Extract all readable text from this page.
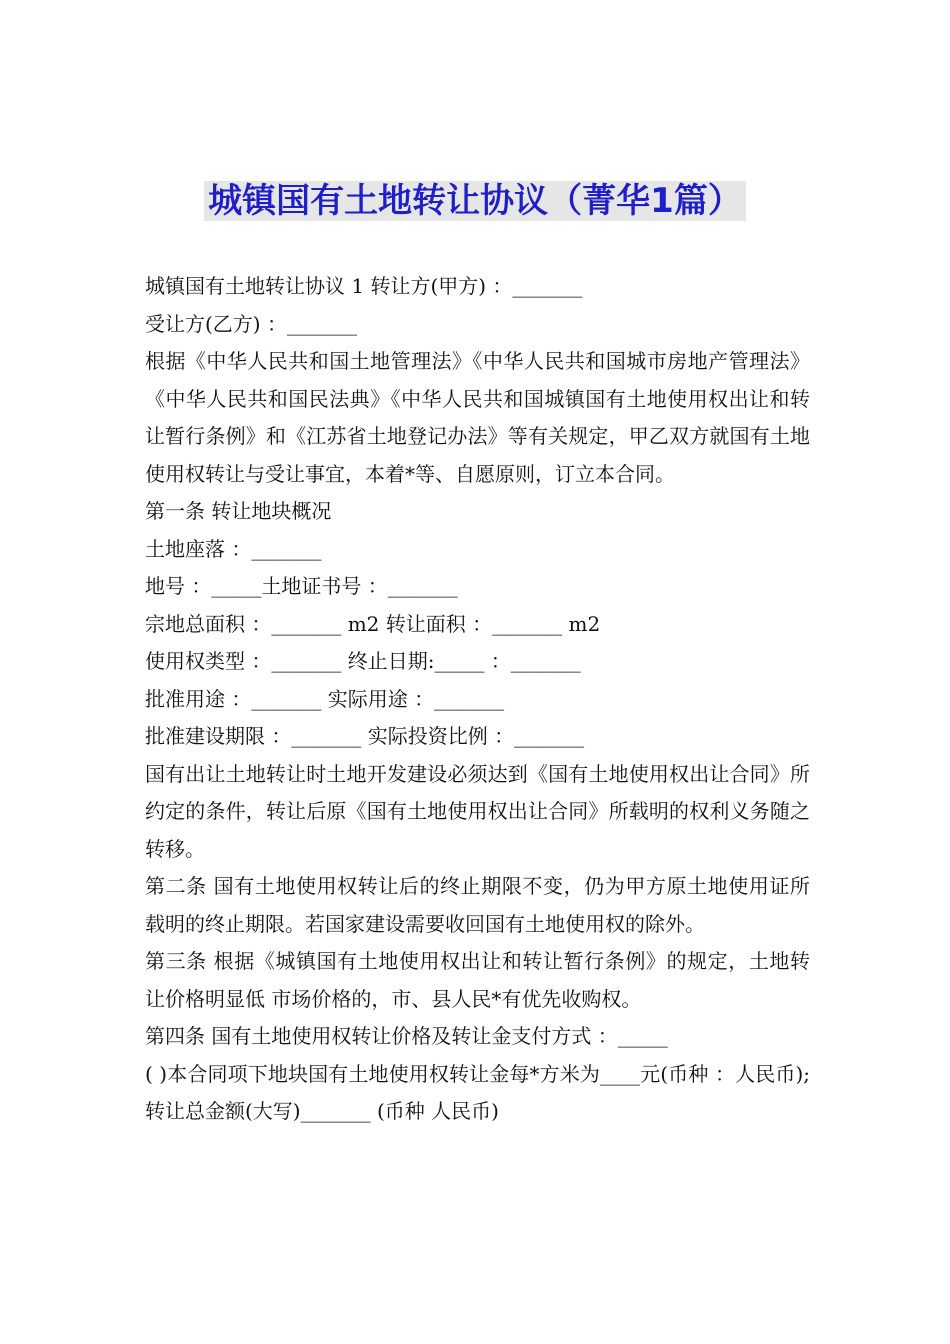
城镇国有土地转让协议（菁华1篇）

城镇国有土地转让协议 1 转让方(甲方) ：_______

受让方(乙方) ：_______

根据《中华人民共和国土地管理法》《中华人民共和国城市房地产管理法》《中华人民共和国民法典》《中华人民共和国城镇国有土地使用权出让和转让暂行条例》和《江苏省土地登记办法》等有关规定，甲乙双方就国有土地使用权转让与受让事宜，本着*等、自愿原则，订立本合同。

第一条 转让地块概况

土地座落 ：_______

地号 ：_____土地证书号 ：_______

宗地总面积 ：_______ m2 转让面积 ：_______ m2

使用权类型 ：_______ 终止日期:_____ ：_______

批准用途 ：_______ 实际用途 ：_______

批准建设期限 ：_______ 实际投资比例 ：_______

国有出让土地转让时土地开发建设必须达到《国有土地使用权出让合同》所约定的条件，转让后原《国有土地使用权出让合同》所载明的权利义务随之转移。

第二条 国有土地使用权转让后的终止期限不变，仍为甲方原土地使用证所载明的终止期限。若国家建设需要收回国有土地使用权的除外。

第三条 根据《城镇国有土地使用权出让和转让暂行条例》的规定，土地转让价格明显低 市场价格的，市、县人民*有优先收购权。

第四条 国有土地使用权转让价格及转让金支付方式 ：_____

( )本合同项下地块国有土地使用权转让金每*方米为____元(币种 ：人民币);转让总金额(大写)_______ (币种 人民币)
